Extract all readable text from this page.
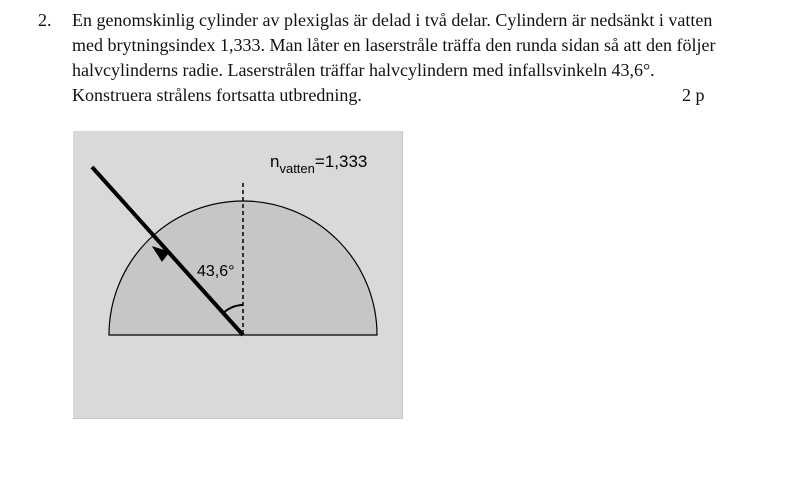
2. En genomskinlig cylinder av plexiglas är delad i två delar. Cylindern är nedsänkt i vatten
med brytningsindex 1,333. Man låter en laserstråle träffa den runda sidan så att den följer
halvcylinderns radie. Laserstrålen träffar halvcylindern med infallsvinkeln 43,6°.
Konstruera strålens fortsatta utbredning.	2 p
43,6°
$n_{vatten}=1,333$
